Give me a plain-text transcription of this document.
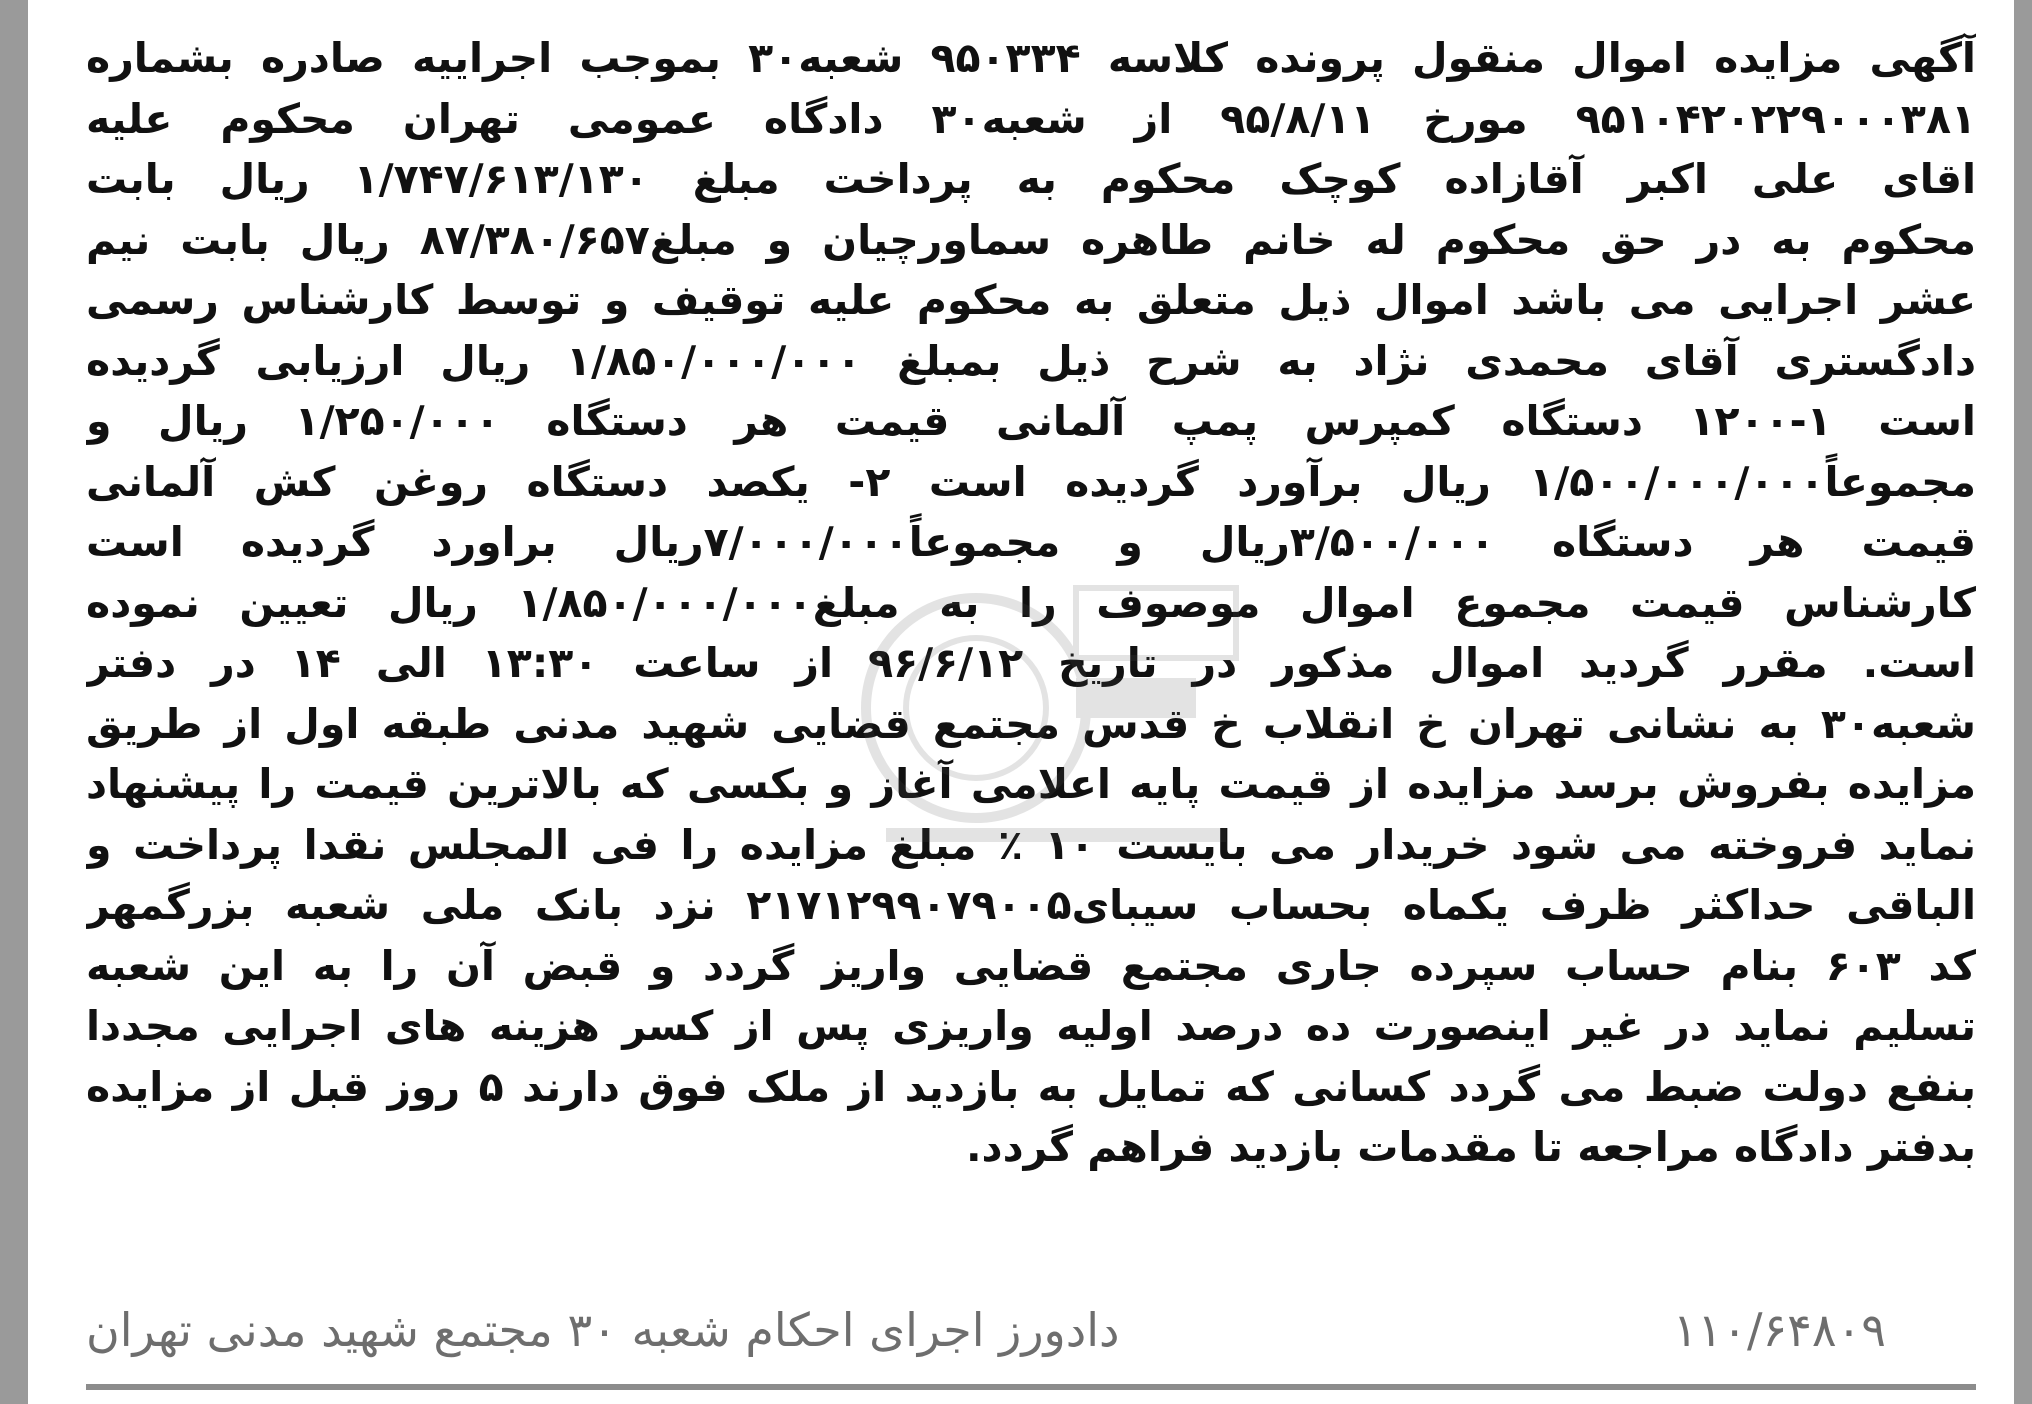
آگهی مزایده اموال منقول پرونده کلاسه ۹۵۰۳۳۴ شعبه۳۰ بموجب اجراییه صادره بشماره
۹۵۱۰۴۲۰۲۲۹۰۰۰۳۸۱ مورخ ۹۵/۸/۱۱ از شعبه۳۰ دادگاه عمومی تهران محکوم علیه
اقای علی اکبر آقازاده کوچک محکوم به پرداخت مبلغ ۱/۷۴۷/۶۱۳/۱۳۰ ریال بابت
محکوم به در حق محکوم له خانم طاهره سماورچیان و مبلغ۸۷/۳۸۰/۶۵۷ ریال بابت نیم
عشر اجرایی می باشد اموال ذیل متعلق به محکوم علیه توقیف و توسط کارشناس رسمی
دادگستری آقای محمدی نژاد به شرح ذیل بمبلغ ۱/۸۵۰/۰۰۰/۰۰۰ ریال ارزیابی گردیده
است ۱-۱۲۰۰ دستگاه کمپرس پمپ آلمانی قیمت هر دستگاه ۱/۲۵۰/۰۰۰ ریال و
مجموعاً۱/۵۰۰/۰۰۰/۰۰۰ ریال برآورد گردیده است ۲- یکصد دستگاه روغن کش آلمانی
قیمت هر دستگاه ۳/۵۰۰/۰۰۰ریال و مجموعاً۷/۰۰۰/۰۰۰ریال براورد گردیده است
کارشناس قیمت مجموع اموال موصوف را به مبلغ۱/۸۵۰/۰۰۰/۰۰۰ ریال تعیین نموده
است. مقرر گردید اموال مذکور در تاریخ ۹۶/۶/۱۲ از ساعت ۱۳:۳۰ الی ۱۴ در دفتر
شعبه۳۰ به نشانی تهران خ انقلاب خ قدس مجتمع قضایی شهید مدنی طبقه اول از طریق
مزایده بفروش برسد مزایده از قیمت پایه اعلامی آغاز و بکسی که بالاترین قیمت را پیشنهاد
نماید فروخته می شود خریدار می بایست ۱۰ ٪ مبلغ مزایده را فی المجلس نقدا پرداخت و
الباقی حداکثر ظرف یکماه بحساب سیبای۲۱۷۱۲۹۹۰۷۹۰۰۵ نزد بانک ملی شعبه بزرگمهر
کد ۶۰۳ بنام حساب سپرده جاری مجتمع قضایی واریز گردد و قبض آن را به این شعبه
تسلیم نماید در غیر اینصورت ده درصد اولیه واریزی پس از کسر هزینه های اجرایی مجددا
بنفع دولت ضبط می گردد کسانی که تمایل به بازدید از ملک فوق دارند ۵ روز قبل از مزایده
بدفتر دادگاه مراجعه تا مقدمات بازدید فراهم گردد.
۱۱۰/۶۴۸۰۹
دادورز اجرای احکام شعبه ۳۰ مجتمع شهید مدنی تهران
